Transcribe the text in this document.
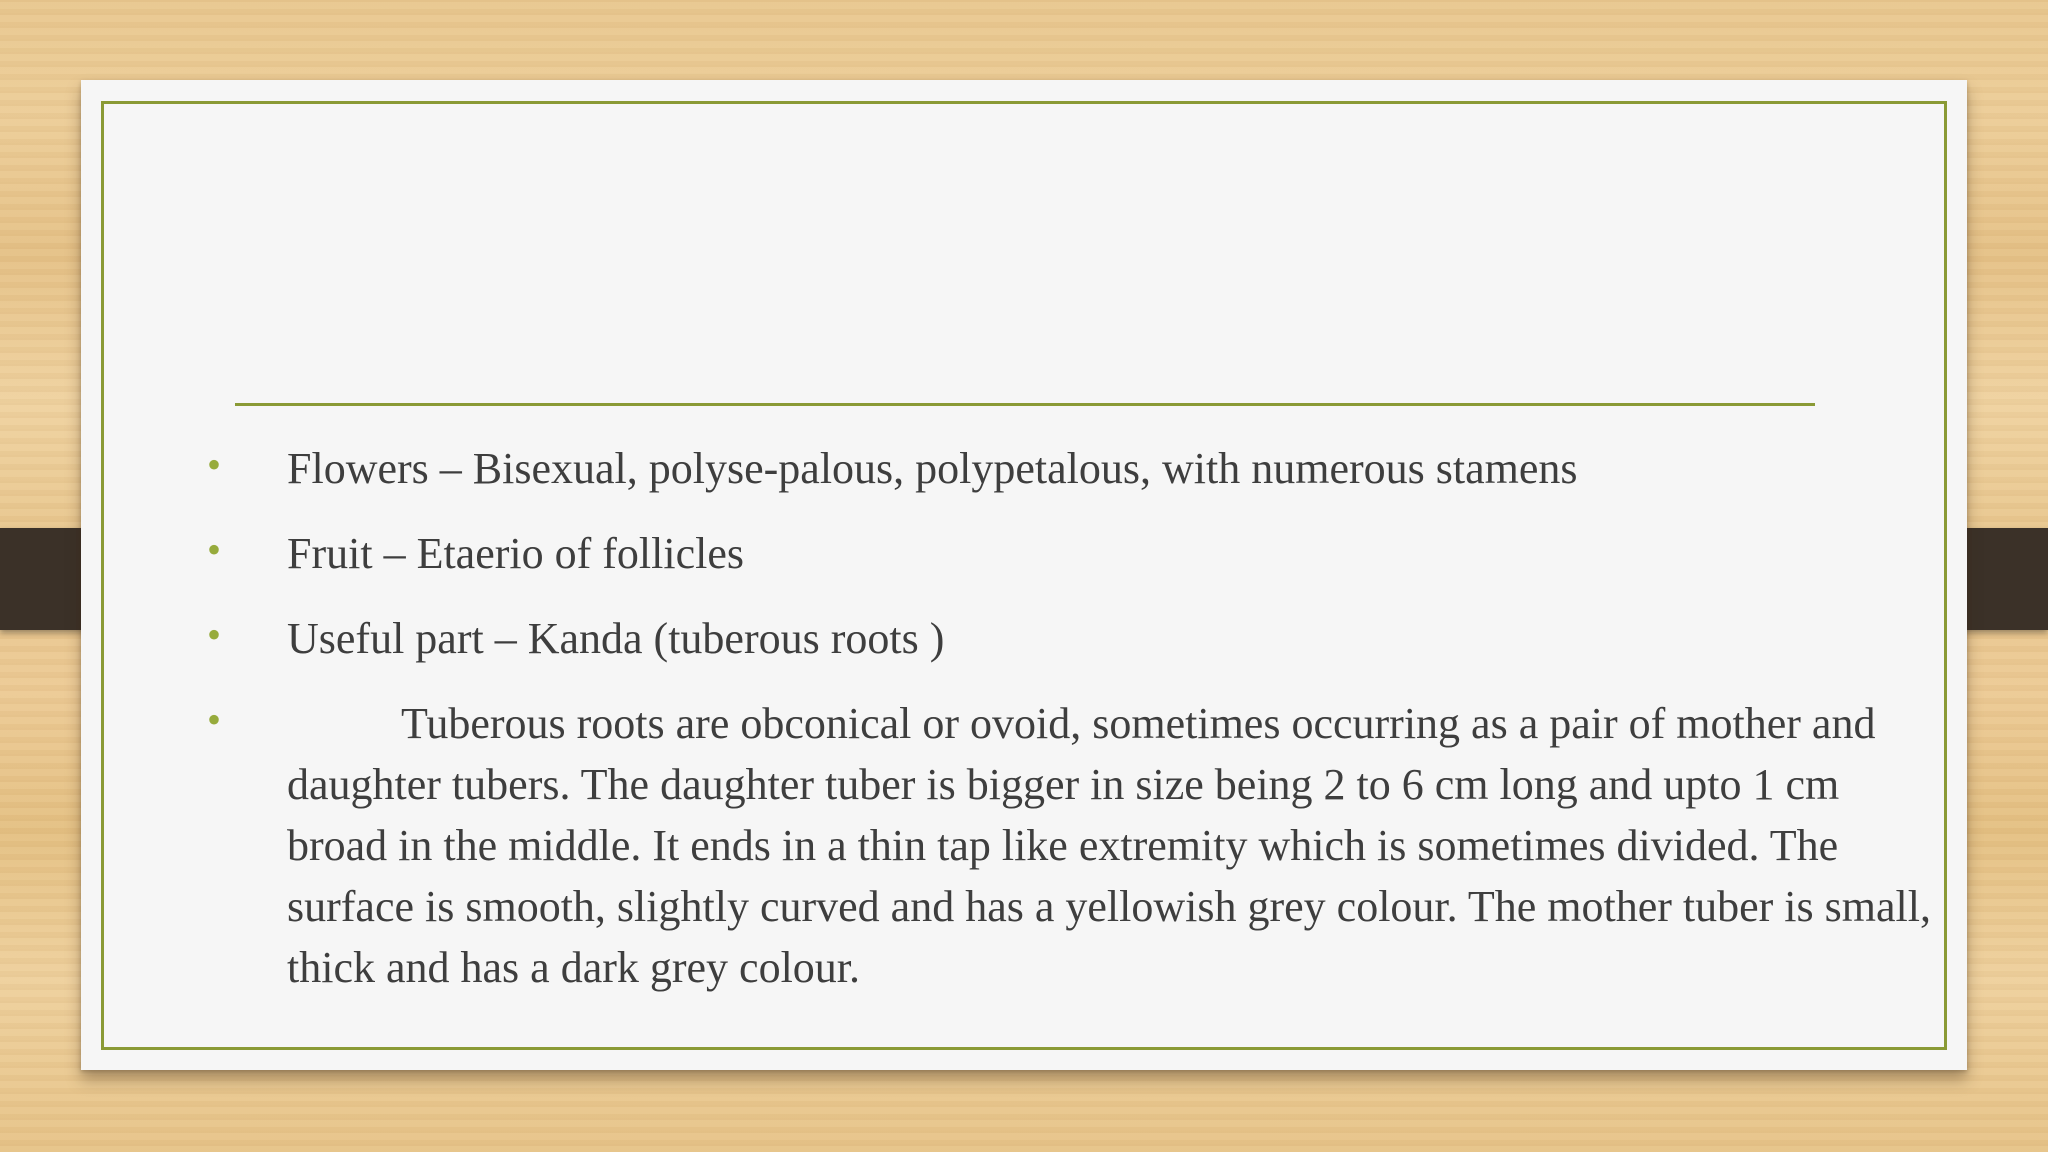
• Flowers – Bisexual, polyse-palous, polypetalous, with numerous stamens
• Fruit – Etaerio of follicles
• Useful part – Kanda (tuberous roots )
•	Tuberous roots are obconical or ovoid, sometimes occurring as a pair of mother and daughter tubers. The daughter tuber is bigger in size being 2 to 6 cm long and upto 1 cm broad in the middle. It ends in a thin tap like extremity which is sometimes divided. The surface is smooth, slightly curved and has a yellowish grey colour. The mother tuber is small, thick and has a dark grey colour.
